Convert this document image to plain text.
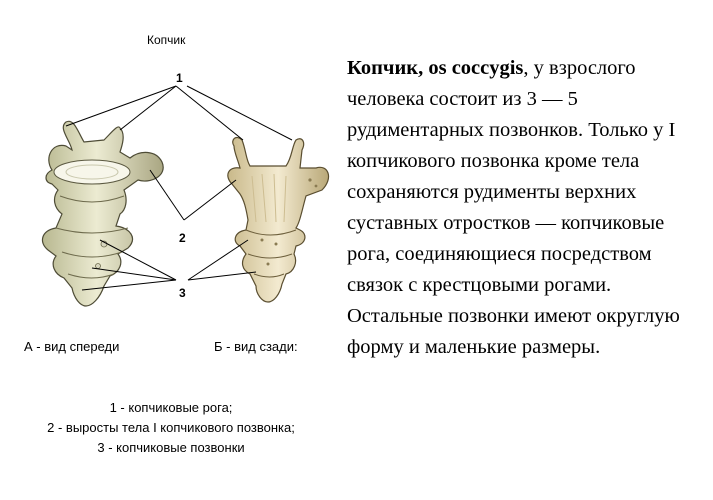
Копчик
1
2
3
А - вид спереди	Б - вид сзади:
1 - копчиковые рога;
2 - выросты тела I копчикового позвонка;
3 - копчиковые позвонки
Копчик, os coccygis, у взрослого человека состоит из 3 — 5 рудиментарных позвонков. Только у I копчикового позвонка кроме тела сохраняются рудименты верхних суставных отростков — копчиковые рога, соединяющиеся посредством связок с крестцовыми рогами. Остальные позвонки имеют округлую форму и маленькие размеры.
